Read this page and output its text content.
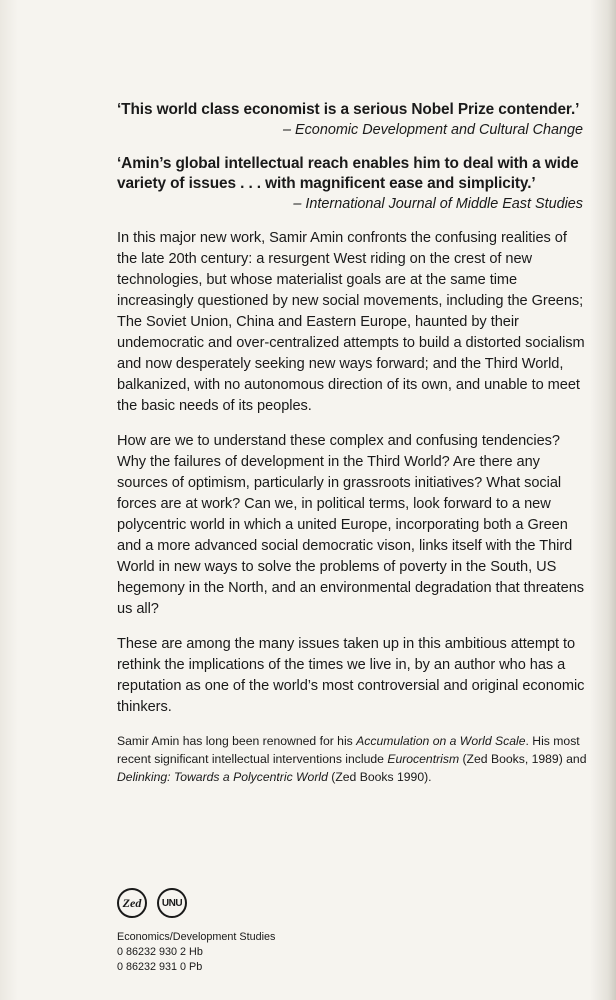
‘This world class economist is a serious Nobel Prize contender.’

– Economic Development and Cultural Change

‘Amin’s global intellectual reach enables him to deal with a wide variety of issues . . . with magnificent ease and simplicity.’

– International Journal of Middle East Studies

In this major new work, Samir Amin confronts the confusing realities of the late 20th century: a resurgent West riding on the crest of new technologies, but whose materialist goals are at the same time increasingly questioned by new social movements, including the Greens; The Soviet Union, China and Eastern Europe, haunted by their undemocratic and over-centralized attempts to build a distorted socialism and now desperately seeking new ways forward; and the Third World, balkanized, with no autonomous direction of its own, and unable to meet the basic needs of its peoples.

How are we to understand these complex and confusing tendencies? Why the failures of development in the Third World? Are there any sources of optimism, particularly in grassroots initiatives? What social forces are at work? Can we, in political terms, look forward to a new polycentric world in which a united Europe, incorporating both a Green and a more advanced social democratic vison, links itself with the Third World in new ways to solve the problems of poverty in the South, US hegemony in the North, and an environmental degradation that threatens us all?

These are among the many issues taken up in this ambitious attempt to rethink the implications of the times we live in, by an author who has a reputation as one of the world’s most controversial and original economic thinkers.

Samir Amin has long been renowned for his Accumulation on a World Scale. His most recent significant intellectual interventions include Eurocentrism (Zed Books, 1989) and Delinking: Towards a Polycentric World (Zed Books 1990).

Zed	UNU
Economics/Development Studies
0 86232 930 2 Hb
0 86232 931 0 Pb
